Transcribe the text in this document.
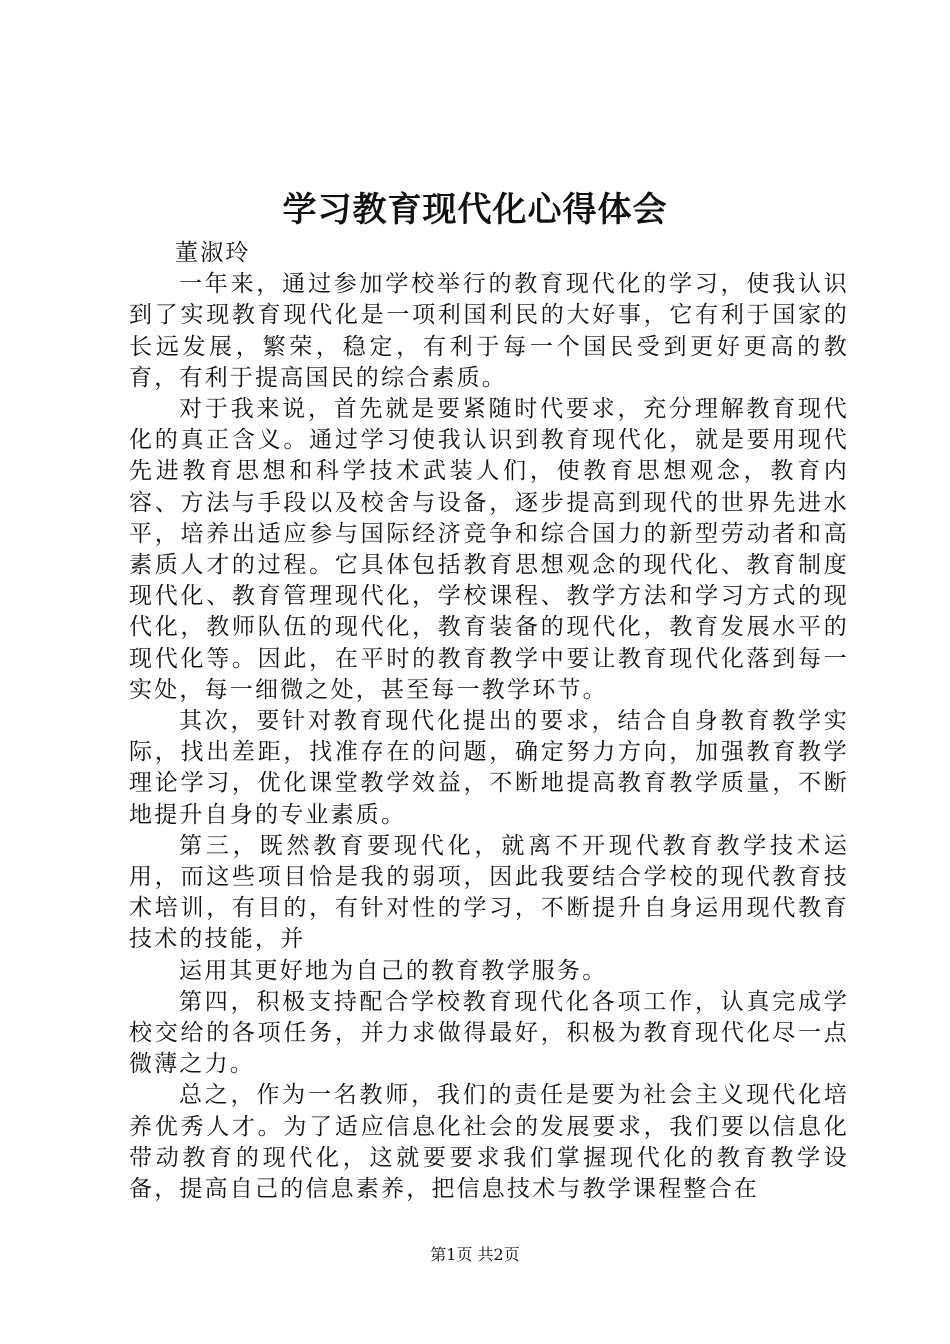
学习教育现代化心得体会

董淑玲

一年来，通过参加学校举行的教育现代化的学习，使我认识到了实现教育现代化是一项利国利民的大好事，它有利于国家的长远发展，繁荣，稳定，有利于每一个国民受到更好更高的教育，有利于提高国民的综合素质。

对于我来说，首先就是要紧随时代要求，充分理解教育现代化的真正含义。通过学习使我认识到教育现代化，就是要用现代先进教育思想和科学技术武装人们，使教育思想观念，教育内容、方法与手段以及校舍与设备，逐步提高到现代的世界先进水平，培养出适应参与国际经济竞争和综合国力的新型劳动者和高素质人才的过程。它具体包括教育思想观念的现代化、教育制度现代化、教育管理现代化，学校课程、教学方法和学习方式的现代化，教师队伍的现代化，教育装备的现代化，教育发展水平的现代化等。因此，在平时的教育教学中要让教育现代化落到每一实处，每一细微之处，甚至每一教学环节。

其次，要针对教育现代化提出的要求，结合自身教育教学实际，找出差距，找准存在的问题，确定努力方向，加强教育教学理论学习，优化课堂教学效益，不断地提高教育教学质量，不断地提升自身的专业素质。

第三，既然教育要现代化，就离不开现代教育教学技术运用，而这些项目恰是我的弱项，因此我要结合学校的现代教育技术培训，有目的，有针对性的学习，不断提升自身运用现代教育技术的技能，并

运用其更好地为自己的教育教学服务。

第四，积极支持配合学校教育现代化各项工作，认真完成学校交给的各项任务，并力求做得最好，积极为教育现代化尽一点微薄之力。

总之，作为一名教师，我们的责任是要为社会主义现代化培养优秀人才。为了适应信息化社会的发展要求，我们要以信息化带动教育的现代化，这就要要求我们掌握现代化的教育教学设备，提高自己的信息素养，把信息技术与教学课程整合在

第1页 共2页
